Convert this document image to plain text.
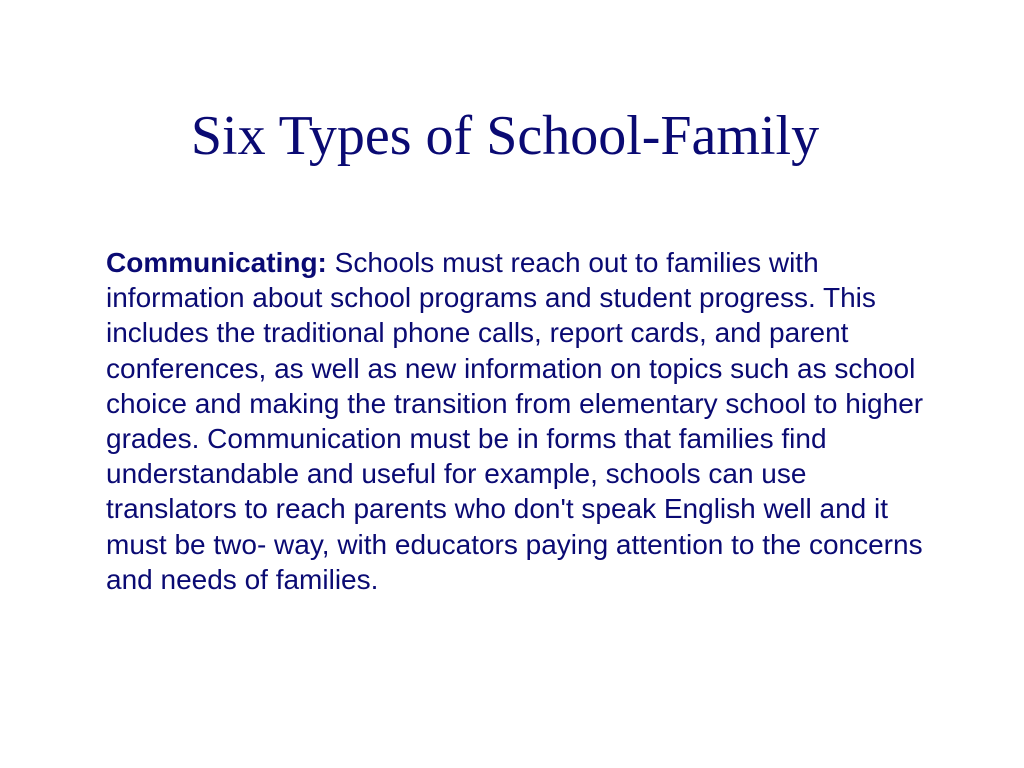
Six Types of School-Family

Communicating: Schools must reach out to families with information about school programs and student progress. This includes the traditional phone calls, report cards, and parent conferences, as well as new information on topics such as school choice and making the transition from elementary school to higher grades. Communication must be in forms that families find understandable and useful for example, schools can use translators to reach parents who don't speak English well and it must be two- way, with educators paying attention to the concerns and needs of families.
